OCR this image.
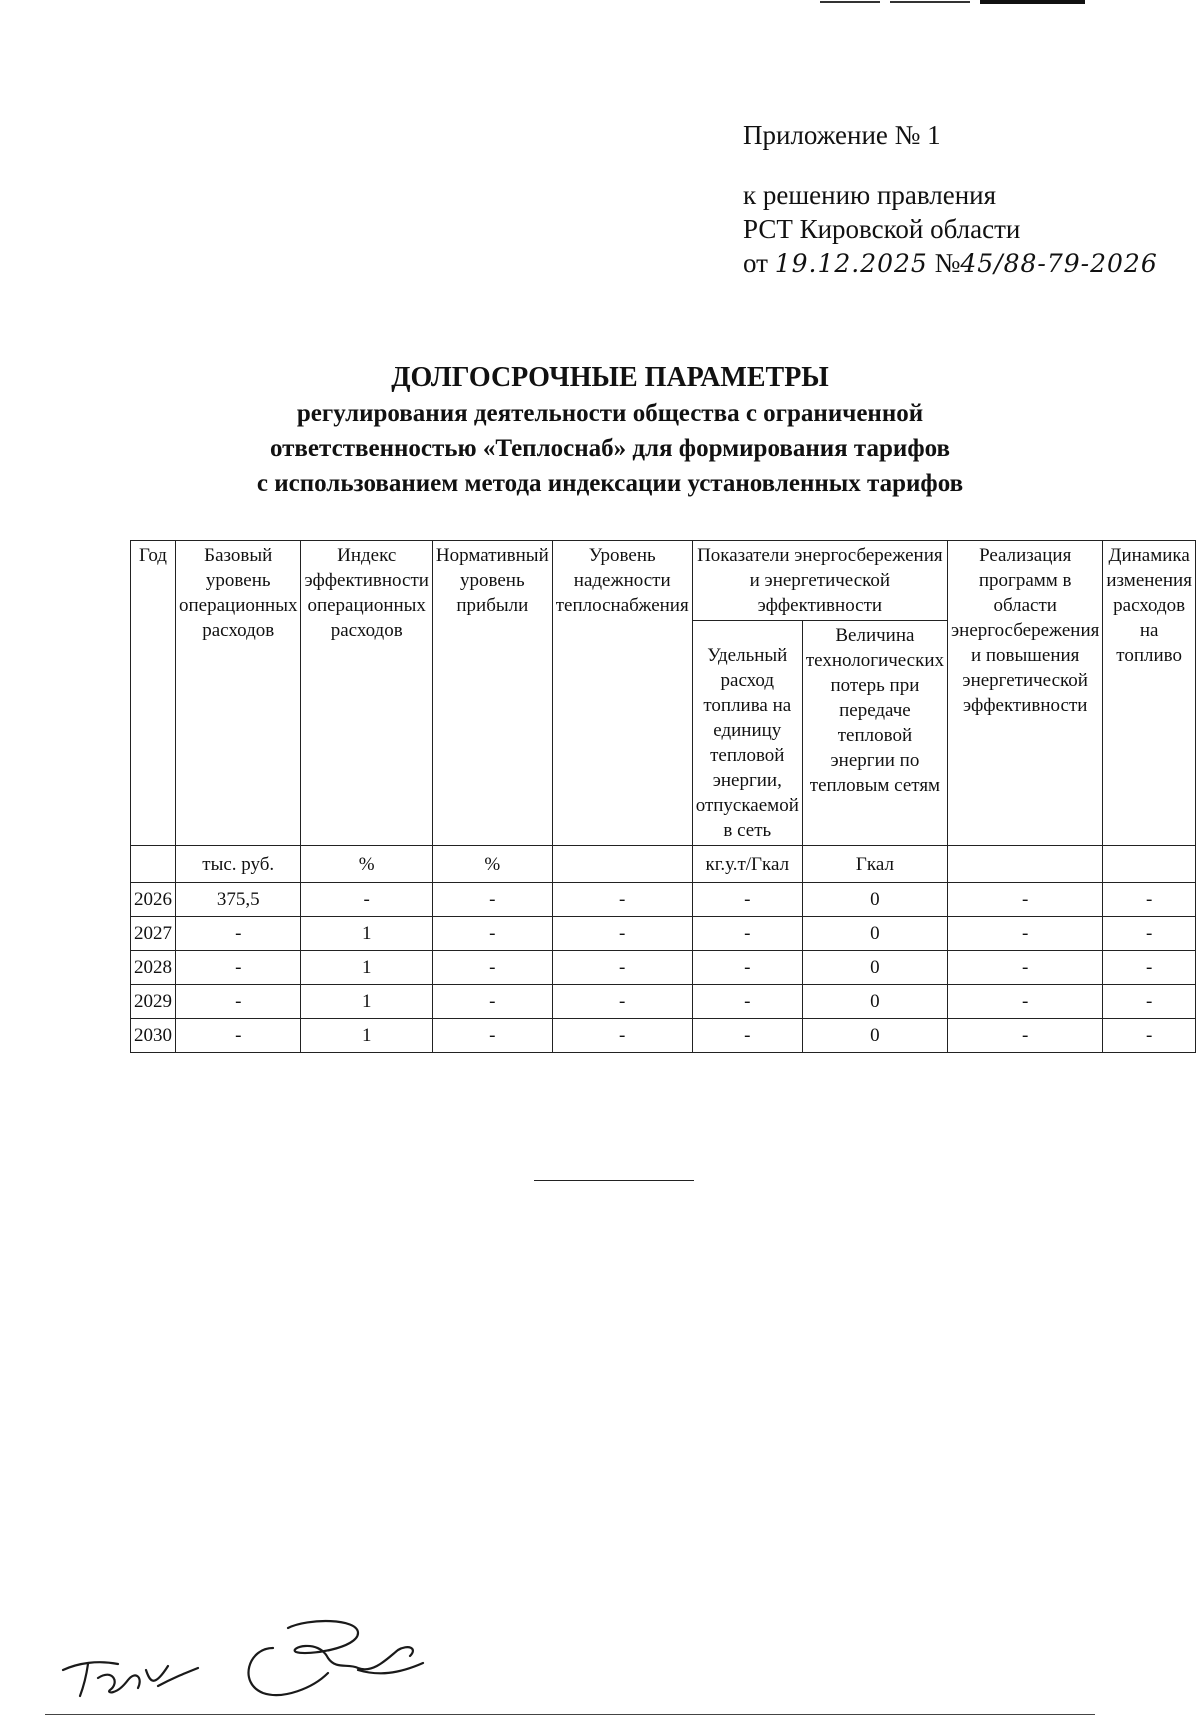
Приложение № 1
к решению правления
РСТ Кировской области
от 19.12.2025 №45/88-79-2026
ДОЛГОСРОЧНЫЕ ПАРАМЕТРЫ
регулирования деятельности общества с ограниченной
ответственностью «Теплоснаб» для формирования тарифов
с использованием метода индексации установленных тарифов
Год	Базовый уровень операционных расходов	Индекс эффективности операционных расходов	Нормативный уровень прибыли	Уровень надежности теплоснабжения	Показатели энергосбережения и энергетической эффективности		Реализация программ в области энергосбережения и повышения энергетической эффективности	Динамика изменения расходов на топливо
					Удельный расход топлива на единицу тепловой энергии, отпускаемой в сеть	Величина технологических потерь при передаче тепловой энергии по тепловым сетям		
	тыс. руб.	%	%		кг.у.т/Гкал	Гкал		
2026	375,5	-	-	-	-	0	-	-
2027	-	1	-	-	-	0	-	-
2028	-	1	-	-	-	0	-	-
2029	-	1	-	-	-	0	-	-
2030	-	1	-	-	-	0	-	-
